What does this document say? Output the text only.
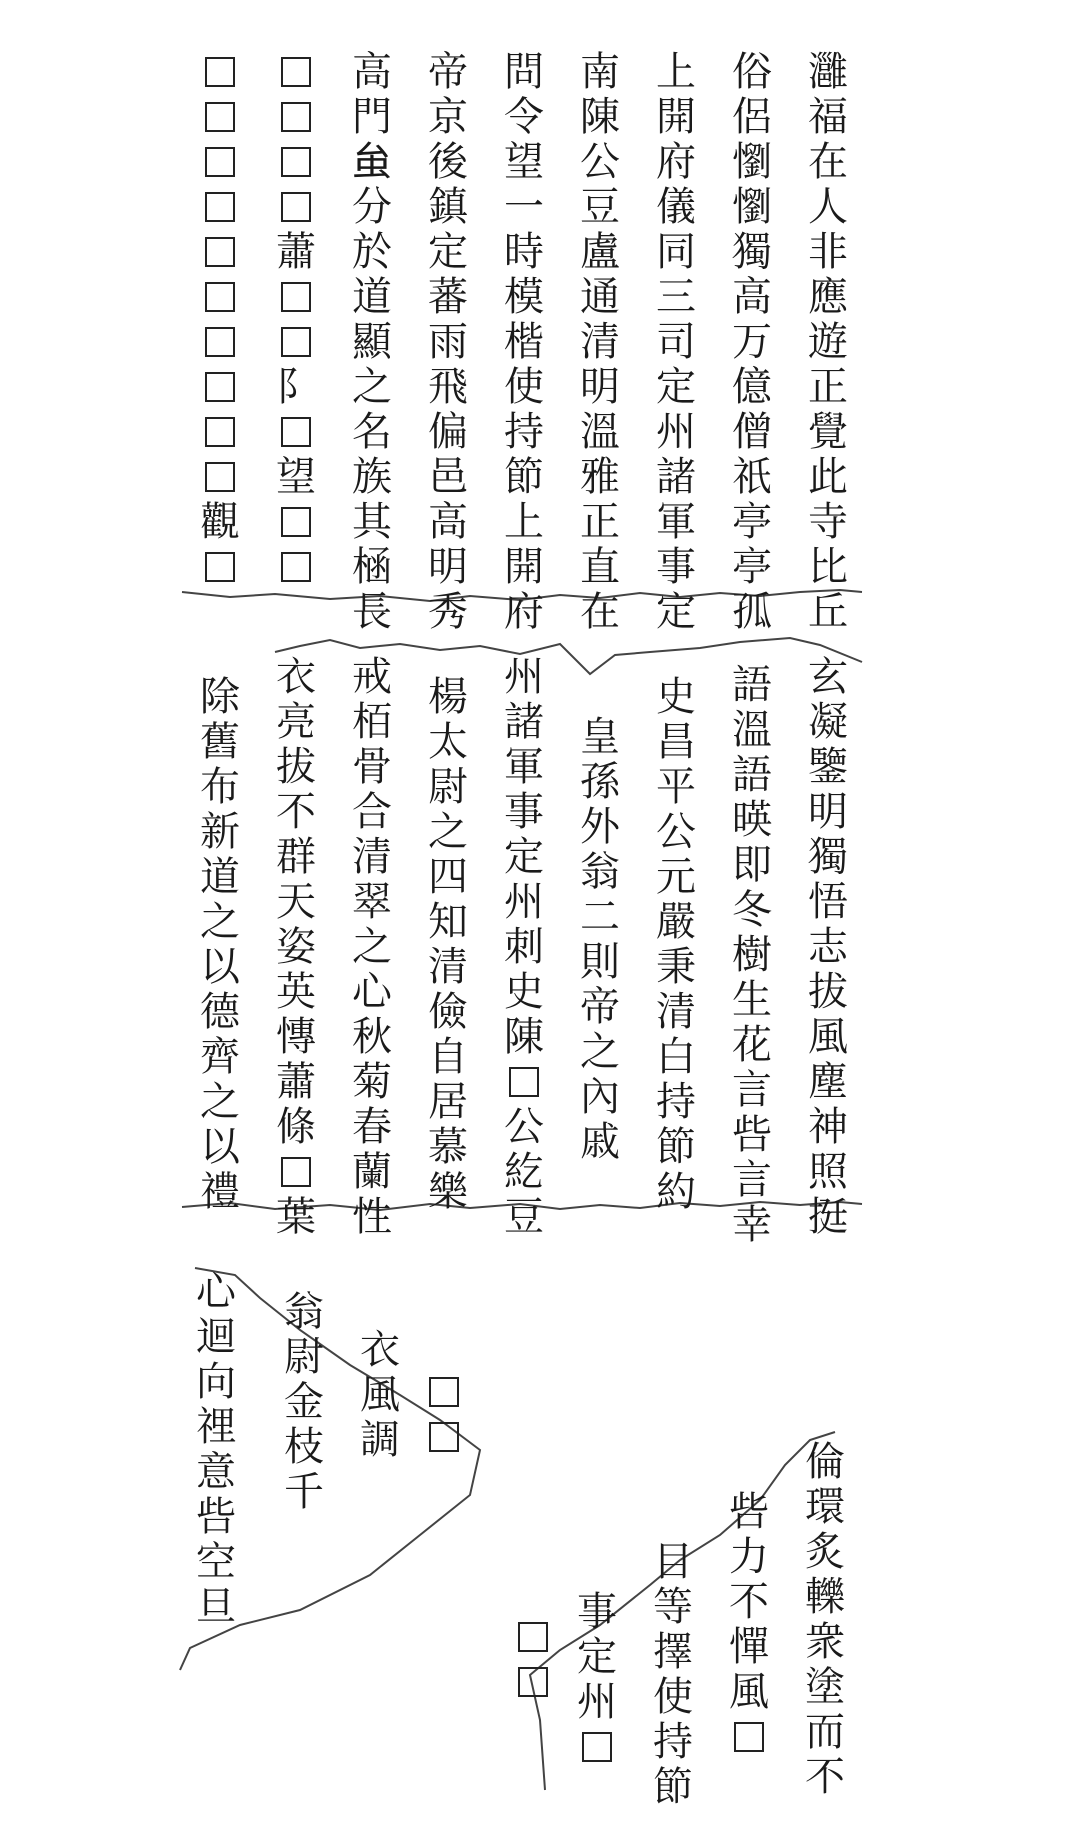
灉
福
在
人
非
應
遊
正
覺
此
寺
比
丘
俗
侶
懰
懰
獨
高
万
億
僧
祇
亭
亭
孤
上
開
府
儀
同
三
司
定
州
諸
軍
事
定
南
陳
公
豆
盧
通
清
明
溫
雅
正
直
在
問
令
望
一
時
模
楷
使
持
節
上
開
府
帝
京
後
鎮
定
蕃
雨
飛
偏
邑
高
明
秀
高
門
𧈧
分
於
道
顯
之
名
族
其
㮀
長
蕭
阝
望
觀
玄
凝
鑒
明
獨
悟
志
拔
風
塵
神
照
挺
語
溫
語
暎
即
冬
樹
生
花
言
呰
言
幸
史
昌
平
公
元
嚴
秉
清
白
持
節
約
皇
孫
外
翁
二
則
帝
之
內
戚
州
諸
軍
事
定
州
刺
史
陳
公
紇
豆
楊
太
尉
之
四
知
清
儉
自
居
慕
樂
戒
栢
骨
合
清
翠
之
心
秋
菊
春
蘭
性
衣
亮
拔
不
群
天
姿
英
慱
蕭
條
葉
除
舊
布
新
道
之
以
德
齊
之
以
禮
衣
風
調
翁
尉
金
枝
千
心
迴
向
𥚃
意
呰
空
旦
倫
環
炙
轢
衆
塗
而
不
呰
力
不
憚
風
目
等
擇
使
持
節
事
定
州
